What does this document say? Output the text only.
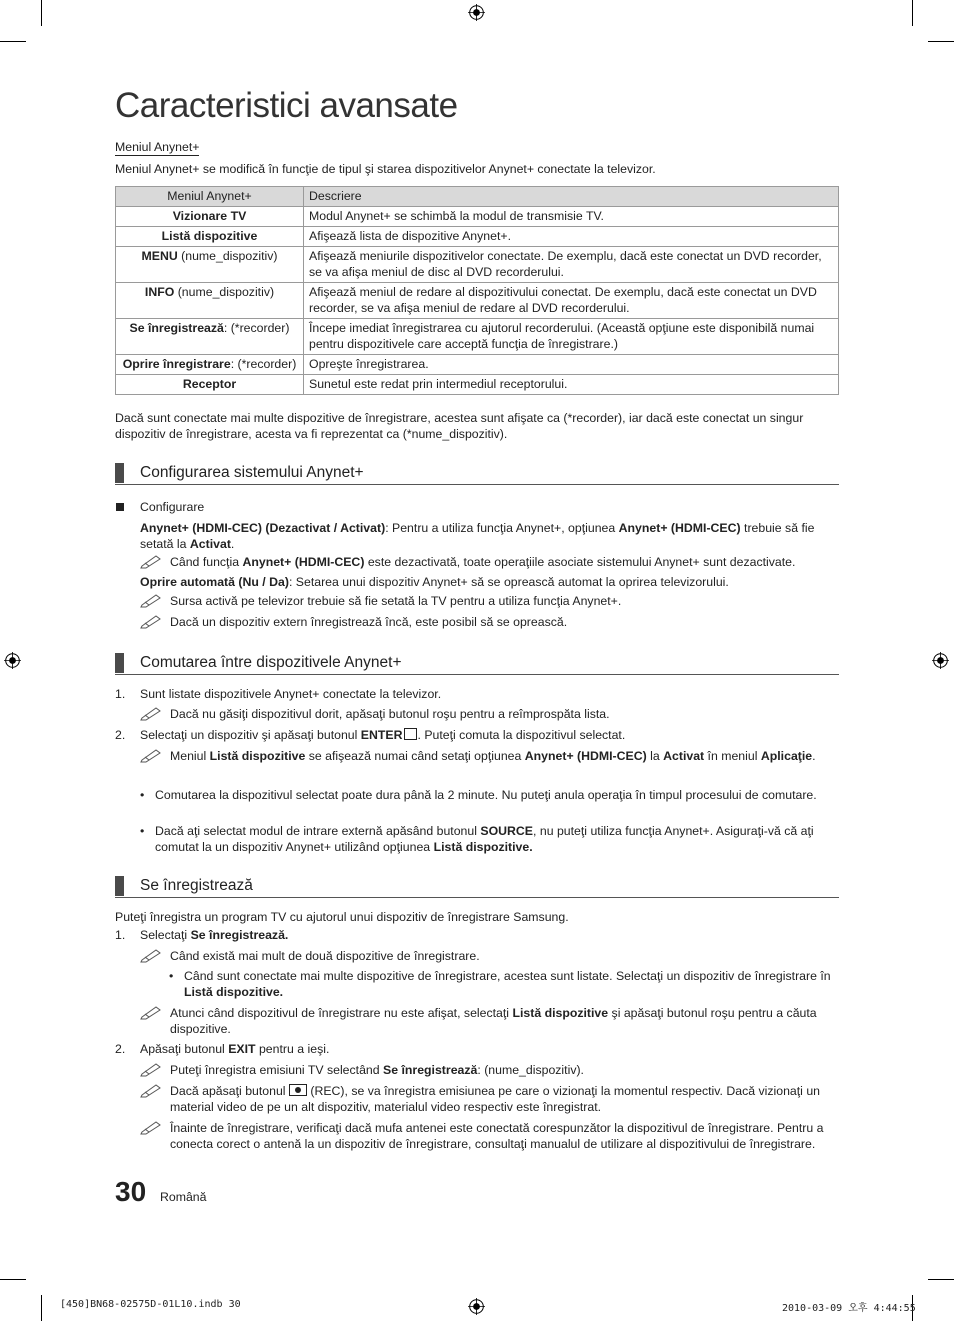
Caracteristici avansate
Meniul Anynet+
Meniul Anynet+ se modifică în funcţie de tipul şi starea dispozitivelor Anynet+ conectate la televizor.
Meniul Anynet+	Descriere
Vizionare TV	Modul Anynet+ se schimbă la modul de transmisie TV.
Listă dispozitive	Afişează lista de dispozitive Anynet+.
MENU (nume_dispozitiv)	Afişează meniurile dispozitivelor conectate. De exemplu, dacă este conectat un DVD recorder, se va afişa meniul de disc al DVD recorderului.
INFO (nume_dispozitiv)	Afişează meniul de redare al dispozitivului conectat. De exemplu, dacă este conectat un DVD recorder, se va afişa meniul de redare al DVD recorderului.
Se înregistrează: (*recorder)	Începe imediat înregistrarea cu ajutorul recorderului. (Această opţiune este disponibilă numai pentru dispozitivele care acceptă funcţia de înregistrare.)
Oprire înregistrare: (*recorder)	Opreşte înregistrarea.
Receptor	Sunetul este redat prin intermediul receptorului.
Dacă sunt conectate mai multe dispozitive de înregistrare, acestea sunt afişate ca (*recorder), iar dacă este conectat un singur dispozitiv de înregistrare, acesta va fi reprezentat ca (*nume_dispozitiv).
Configurarea sistemului Anynet+
Configurare
Anynet+ (HDMI-CEC) (Dezactivat / Activat): Pentru a utiliza funcţia Anynet+, opţiunea Anynet+ (HDMI-CEC) trebuie să fie setată la Activat.
Când funcţia Anynet+ (HDMI-CEC) este dezactivată, toate operaţiile asociate sistemului Anynet+ sunt dezactivate.
Oprire automată (Nu / Da): Setarea unui dispozitiv Anynet+ să se oprească automat la oprirea televizorului.
Sursa activă pe televizor trebuie să fie setată la TV pentru a utiliza funcţia Anynet+.
Dacă un dispozitiv extern înregistrează încă, este posibil să se oprească.
Comutarea între dispozitivele Anynet+
1. Sunt listate dispozitivele Anynet+ conectate la televizor.
Dacă nu găsiţi dispozitivul dorit, apăsaţi butonul roşu pentru a reîmprospăta lista.
2. Selectaţi un dispozitiv şi apăsaţi butonul ENTER . Puteţi comuta la dispozitivul selectat.
Meniul Listă dispozitive se afişează numai când setaţi opţiunea Anynet+ (HDMI-CEC) la Activat în meniul Aplicaţie.
• Comutarea la dispozitivul selectat poate dura până la 2 minute. Nu puteţi anula operaţia în timpul procesului de comutare.
• Dacă aţi selectat modul de intrare externă apăsând butonul SOURCE, nu puteţi utiliza funcţia Anynet+. Asiguraţi-vă că aţi comutat la un dispozitiv Anynet+ utilizând opţiunea Listă dispozitive.
Se înregistrează
Puteţi înregistra un program TV cu ajutorul unui dispozitiv de înregistrare Samsung.
1. Selectaţi Se înregistrează.
Când există mai mult de două dispozitive de înregistrare.
• Când sunt conectate mai multe dispozitive de înregistrare, acestea sunt listate. Selectaţi un dispozitiv de înregistrare în Listă dispozitive.
Atunci când dispozitivul de înregistrare nu este afişat, selectaţi Listă dispozitive şi apăsaţi butonul roşu pentru a căuta dispozitive.
2. Apăsaţi butonul EXIT pentru a ieşi.
Puteţi înregistra emisiuni TV selectând Se înregistrează: (nume_dispozitiv).
Dacă apăsaţi butonul  (REC), se va înregistra emisiunea pe care o vizionaţi la momentul respectiv. Dacă vizionaţi un material video de pe un alt dispozitiv, materialul video respectiv este înregistrat.
Înainte de înregistrare, verificaţi dacă mufa antenei este conectată corespunzător la dispozitivul de înregistrare. Pentru a conecta corect o antenă la un dispozitiv de înregistrare, consultaţi manualul de utilizare al dispozitivului de înregistrare.
30 Română
[450]BN68-02575D-01L10.indb 30	2010-03-09 오후 4:44:55
